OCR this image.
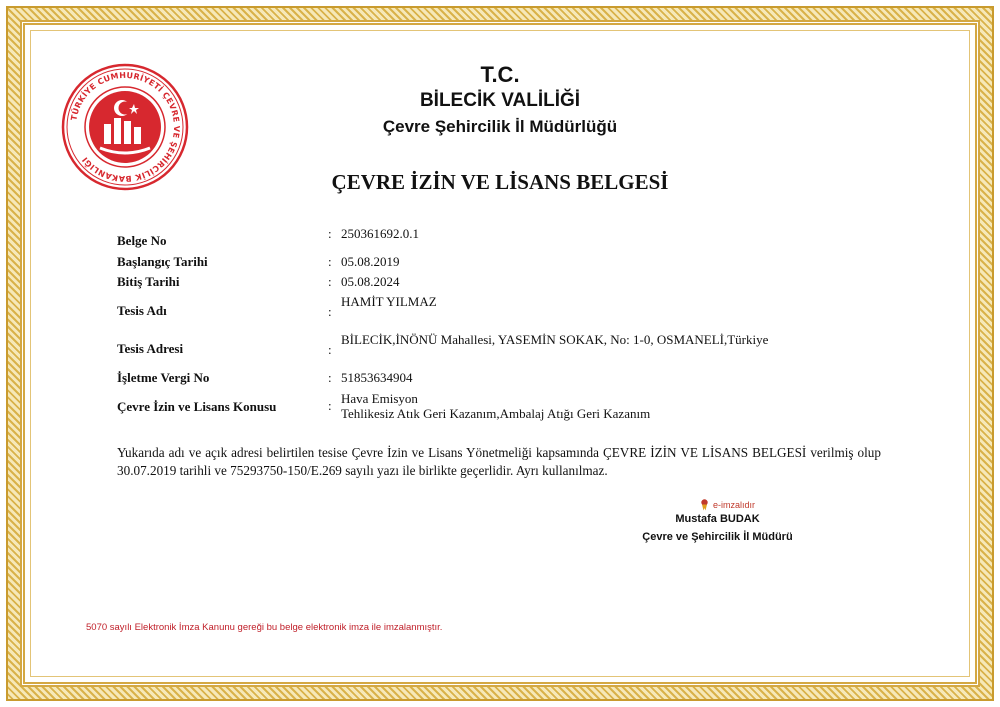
TÜRKİYE CUMHURİYETİ ÇEVRE VE ŞEHİRCİLİK BAKANLIĞI
T.C.
BİLECİK VALİLİĞİ
Çevre Şehircilik İl Müdürlüğü
ÇEVRE İZİN VE LİSANS BELGESİ
Belge No	: 250361692.0.1
Başlangıç Tarihi	: 05.08.2019
Bitiş Tarihi	: 05.08.2024
Tesis Adı	:
HAMİT YILMAZ
Tesis Adresi	:
BİLECİK,İNÖNÜ Mahallesi, YASEMİN SOKAK, No: 1-0, OSMANELİ,Türkiye
İşletme Vergi No	: 51853634904
Çevre İzin ve Lisans Konusu	: Hava Emisyon
Tehlikesiz Atık Geri Kazanım,Ambalaj Atığı Geri Kazanım
Yukarıda adı ve açık adresi belirtilen tesise Çevre İzin ve Lisans Yönetmeliği kapsamında ÇEVRE İZİN VE LİSANS BELGESİ verilmiş olup 30.07.2019 tarihli ve 75293750-150/E.269 sayılı yazı ile birlikte geçerlidir. Ayrı kullanılmaz.
e-imzalıdır
Mustafa BUDAK
Çevre ve Şehircilik İl Müdürü
5070 sayılı Elektronik İmza Kanunu gereği bu belge elektronik imza ile imzalanmıştır.
